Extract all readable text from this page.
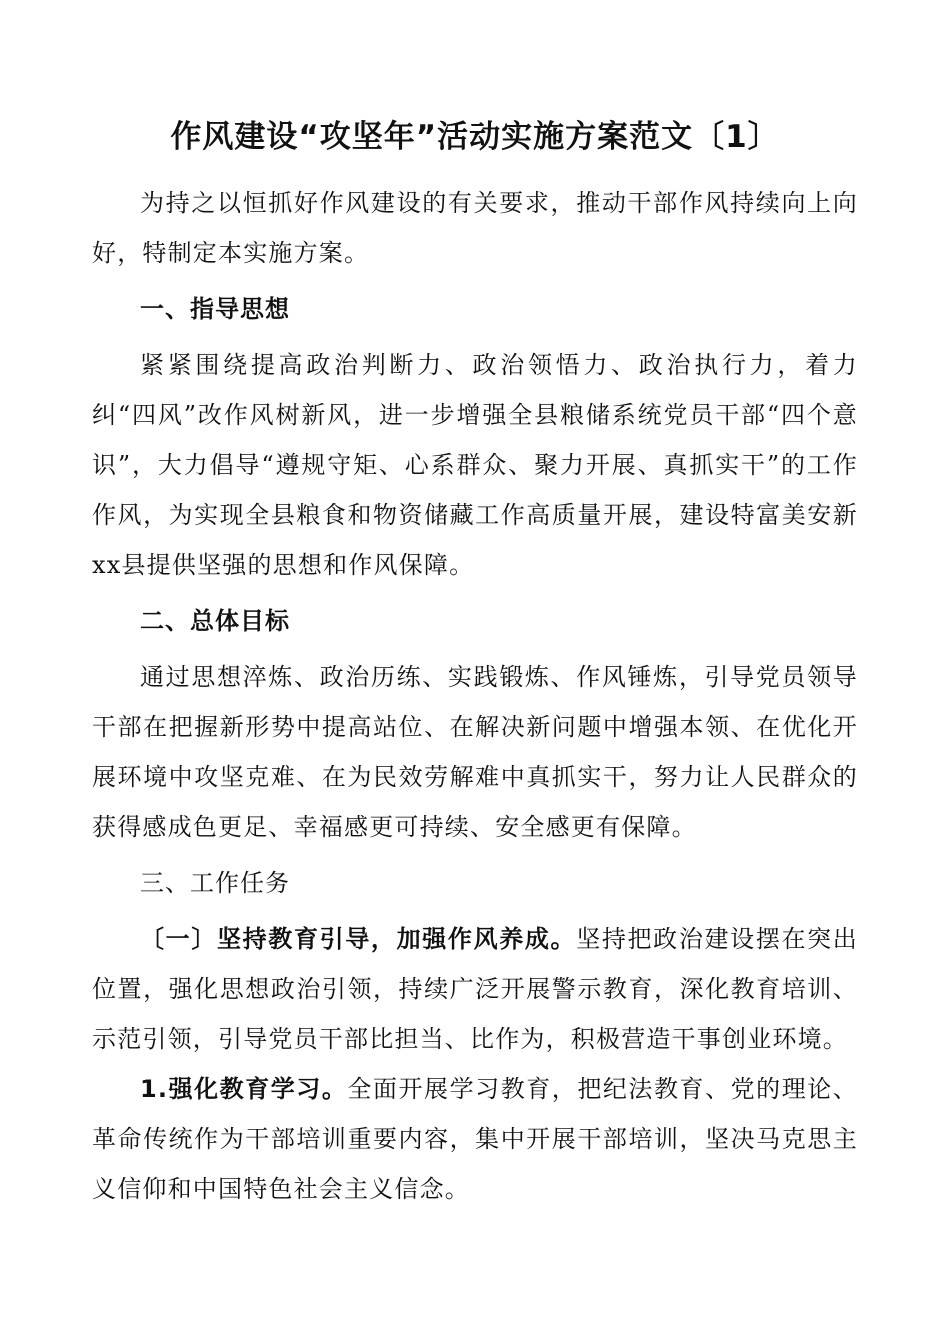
作风建设“攻坚年”活动实施方案范文〔1〕

为持之以恒抓好作风建设的有关要求，推动干部作风持续向上向好，特制定本实施方案。

一、指导思想

紧紧围绕提高政治判断力、政治领悟力、政治执行力，着力纠“四风”改作风树新风，进一步增强全县粮储系统党员干部“四个意识”，大力倡导“遵规守矩、心系群众、聚力开展、真抓实干”的工作作风，为实现全县粮食和物资储藏工作高质量开展，建设特富美安新xx县提供坚强的思想和作风保障。

二、总体目标

通过思想淬炼、政治历练、实践锻炼、作风锤炼，引导党员领导干部在把握新形势中提高站位、在解决新问题中增强本领、在优化开展环境中攻坚克难、在为民效劳解难中真抓实干，努力让人民群众的获得感成色更足、幸福感更可持续、安全感更有保障。

三、工作任务

〔一〕坚持教育引导，加强作风养成。坚持把政治建设摆在突出位置，强化思想政治引领，持续广泛开展警示教育，深化教育培训、示范引领，引导党员干部比担当、比作为，积极营造干事创业环境。

1.强化教育学习。全面开展学习教育，把纪法教育、党的理论、革命传统作为干部培训重要内容，集中开展干部培训，坚决马克思主义信仰和中国特色社会主义信念。
